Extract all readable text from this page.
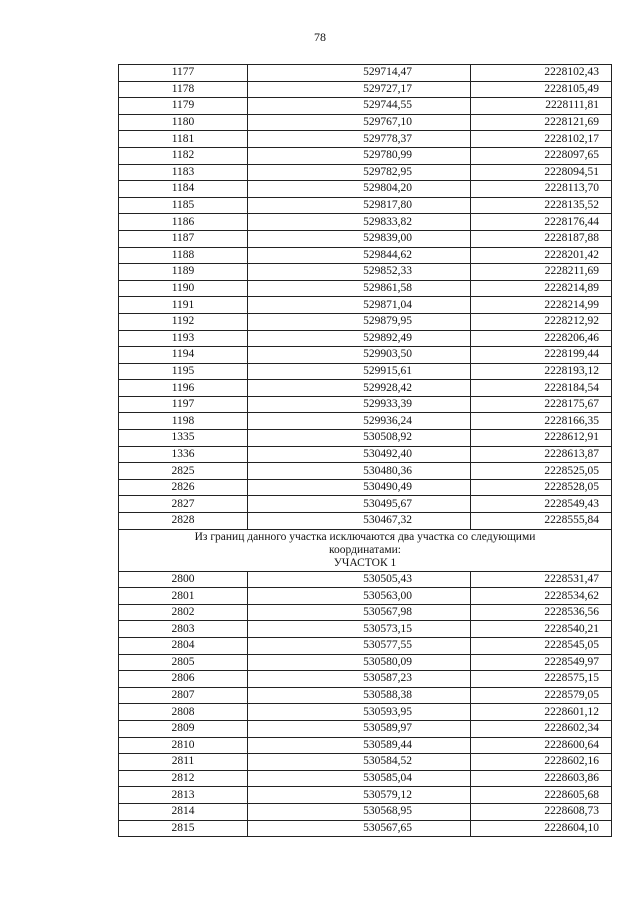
78
1177	529714,47	2228102,43
1178	529727,17	2228105,49
1179	529744,55	2228111,81
1180	529767,10	2228121,69
1181	529778,37	2228102,17
1182	529780,99	2228097,65
1183	529782,95	2228094,51
1184	529804,20	2228113,70
1185	529817,80	2228135,52
1186	529833,82	2228176,44
1187	529839,00	2228187,88
1188	529844,62	2228201,42
1189	529852,33	2228211,69
1190	529861,58	2228214,89
1191	529871,04	2228214,99
1192	529879,95	2228212,92
1193	529892,49	2228206,46
1194	529903,50	2228199,44
1195	529915,61	2228193,12
1196	529928,42	2228184,54
1197	529933,39	2228175,67
1198	529936,24	2228166,35
1335	530508,92	2228612,91
1336	530492,40	2228613,87
2825	530480,36	2228525,05
2826	530490,49	2228528,05
2827	530495,67	2228549,43
2828	530467,32	2228555,84

Из границ данного участка исключаются два участка со следующими
координатами:
УЧАСТОК 1		

2800	530505,43	2228531,47
2801	530563,00	2228534,62
2802	530567,98	2228536,56
2803	530573,15	2228540,21
2804	530577,55	2228545,05
2805	530580,09	2228549,97
2806	530587,23	2228575,15
2807	530588,38	2228579,05
2808	530593,95	2228601,12
2809	530589,97	2228602,34
2810	530589,44	2228600,64
2811	530584,52	2228602,16
2812	530585,04	2228603,86
2813	530579,12	2228605,68
2814	530568,95	2228608,73
2815	530567,65	2228604,10
